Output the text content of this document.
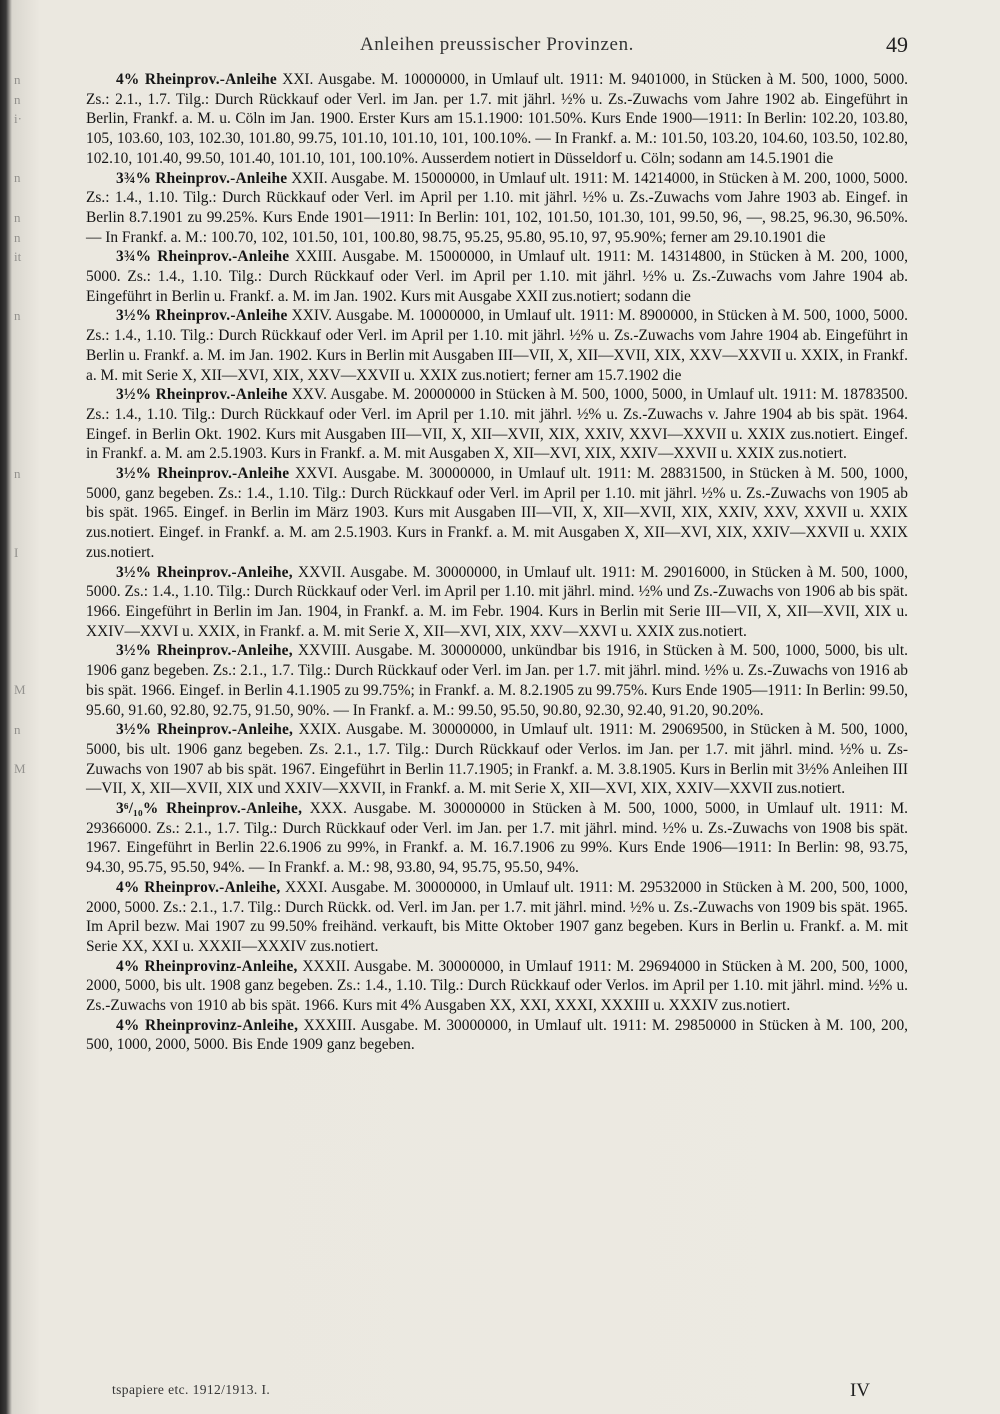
n
n
i·
n
n
n
it
n
n
I
M
n
M
Anleihen preussischer Provinzen.	49

4% Rheinprov.-Anleihe XXI. Ausgabe. M. 10000000, in Umlauf ult. 1911: M. 9401000, in Stücken à M. 500, 1000, 5000. Zs.: 2.1., 1.7. Tilg.: Durch Rückkauf oder Verl. im Jan. per 1.7. mit jährl. ½% u. Zs.-Zuwachs vom Jahre 1902 ab. Eingeführt in Berlin, Frankf. a. M. u. Cöln im Jan. 1900. Erster Kurs am 15.1.1900: 101.50%. Kurs Ende 1900—1911: In Berlin: 102.20, 103.80, 105, 103.60, 103, 102.30, 101.80, 99.75, 101.10, 101.10, 101, 100.10%. — In Frankf. a. M.: 101.50, 103.20, 104.60, 103.50, 102.80, 102.10, 101.40, 99.50, 101.40, 101.10, 101, 100.10%. Ausserdem notiert in Düsseldorf u. Cöln; sodann am 14.5.1901 die

3¾% Rheinprov.-Anleihe XXII. Ausgabe. M. 15000000, in Umlauf ult. 1911: M. 14214000, in Stücken à M. 200, 1000, 5000. Zs.: 1.4., 1.10. Tilg.: Durch Rückkauf oder Verl. im April per 1.10. mit jährl. ½% u. Zs.-Zuwachs vom Jahre 1903 ab. Eingef. in Berlin 8.7.1901 zu 99.25%. Kurs Ende 1901—1911: In Berlin: 101, 102, 101.50, 101.30, 101, 99.50, 96, —, 98.25, 96.30, 96.50%. — In Frankf. a. M.: 100.70, 102, 101.50, 101, 100.80, 98.75, 95.25, 95.80, 95.10, 97, 95.90%; ferner am 29.10.1901 die

3¾% Rheinprov.-Anleihe XXIII. Ausgabe. M. 15000000, in Umlauf ult. 1911: M. 14314800, in Stücken à M. 200, 1000, 5000. Zs.: 1.4., 1.10. Tilg.: Durch Rückkauf oder Verl. im April per 1.10. mit jährl. ½% u. Zs.-Zuwachs vom Jahre 1904 ab. Eingeführt in Berlin u. Frankf. a. M. im Jan. 1902. Kurs mit Ausgabe XXII zus.notiert; sodann die

3½% Rheinprov.-Anleihe XXIV. Ausgabe. M. 10000000, in Umlauf ult. 1911: M. 8900000, in Stücken à M. 500, 1000, 5000. Zs.: 1.4., 1.10. Tilg.: Durch Rückkauf oder Verl. im April per 1.10. mit jährl. ½% u. Zs.-Zuwachs vom Jahre 1904 ab. Eingeführt in Berlin u. Frankf. a. M. im Jan. 1902. Kurs in Berlin mit Ausgaben III—VII, X, XII—XVII, XIX, XXV—XXVII u. XXIX, in Frankf. a. M. mit Serie X, XII—XVI, XIX, XXV—XXVII u. XXIX zus.notiert; ferner am 15.7.1902 die

3½% Rheinprov.-Anleihe XXV. Ausgabe. M. 20000000 in Stücken à M. 500, 1000, 5000, in Umlauf ult. 1911: M. 18783500. Zs.: 1.4., 1.10. Tilg.: Durch Rückkauf oder Verl. im April per 1.10. mit jährl. ½% u. Zs.-Zuwachs v. Jahre 1904 ab bis spät. 1964. Eingef. in Berlin Okt. 1902. Kurs mit Ausgaben III—VII, X, XII—XVII, XIX, XXIV, XXVI—XXVII u. XXIX zus.notiert. Eingef. in Frankf. a. M. am 2.5.1903. Kurs in Frankf. a. M. mit Ausgaben X, XII—XVI, XIX, XXIV—XXVII u. XXIX zus.notiert.

3½% Rheinprov.-Anleihe XXVI. Ausgabe. M. 30000000, in Umlauf ult. 1911: M. 28831500, in Stücken à M. 500, 1000, 5000, ganz begeben. Zs.: 1.4., 1.10. Tilg.: Durch Rückkauf oder Verl. im April per 1.10. mit jährl. ½% u. Zs.-Zuwachs von 1905 ab bis spät. 1965. Eingef. in Berlin im März 1903. Kurs mit Ausgaben III—VII, X, XII—XVII, XIX, XXIV, XXV, XXVII u. XXIX zus.notiert. Eingef. in Frankf. a. M. am 2.5.1903. Kurs in Frankf. a. M. mit Ausgaben X, XII—XVI, XIX, XXIV—XXVII u. XXIX zus.notiert.

3½% Rheinprov.-Anleihe, XXVII. Ausgabe. M. 30000000, in Umlauf ult. 1911: M. 29016000, in Stücken à M. 500, 1000, 5000. Zs.: 1.4., 1.10. Tilg.: Durch Rückkauf oder Verl. im April per 1.10. mit jährl. mind. ½% und Zs.-Zuwachs von 1906 ab bis spät. 1966. Eingeführt in Berlin im Jan. 1904, in Frankf. a. M. im Febr. 1904. Kurs in Berlin mit Serie III—VII, X, XII—XVII, XIX u. XXIV—XXVI u. XXIX, in Frankf. a. M. mit Serie X, XII—XVI, XIX, XXV—XXVI u. XXIX zus.notiert.

3½% Rheinprov.-Anleihe, XXVIII. Ausgabe. M. 30000000, unkündbar bis 1916, in Stücken à M. 500, 1000, 5000, bis ult. 1906 ganz begeben. Zs.: 2.1., 1.7. Tilg.: Durch Rückkauf oder Verl. im Jan. per 1.7. mit jährl. mind. ½% u. Zs.-Zuwachs von 1916 ab bis spät. 1966. Eingef. in Berlin 4.1.1905 zu 99.75%; in Frankf. a. M. 8.2.1905 zu 99.75%. Kurs Ende 1905—1911: In Berlin: 99.50, 95.60, 91.60, 92.80, 92.75, 91.50, 90%. — In Frankf. a. M.: 99.50, 95.50, 90.80, 92.30, 92.40, 91.20, 90.20%.

3½% Rheinprov.-Anleihe, XXIX. Ausgabe. M. 30000000, in Umlauf ult. 1911: M. 29069500, in Stücken à M. 500, 1000, 5000, bis ult. 1906 ganz begeben. Zs. 2.1., 1.7. Tilg.: Durch Rückkauf oder Verlos. im Jan. per 1.7. mit jährl. mind. ½% u. Zs-Zuwachs von 1907 ab bis spät. 1967. Eingeführt in Berlin 11.7.1905; in Frankf. a. M. 3.8.1905. Kurs in Berlin mit 3½% Anleihen III—VII, X, XII—XVII, XIX und XXIV—XXVII, in Frankf. a. M. mit Serie X, XII—XVI, XIX, XXIV—XXVII zus.notiert.

3⁶/₁₀% Rheinprov.-Anleihe, XXX. Ausgabe. M. 30000000 in Stücken à M. 500, 1000, 5000, in Umlauf ult. 1911: M. 29366000. Zs.: 2.1., 1.7. Tilg.: Durch Rückkauf oder Verl. im Jan. per 1.7. mit jährl. mind. ½% u. Zs.-Zuwachs von 1908 bis spät. 1967. Eingeführt in Berlin 22.6.1906 zu 99%, in Frankf. a. M. 16.7.1906 zu 99%. Kurs Ende 1906—1911: In Berlin: 98, 93.75, 94.30, 95.75, 95.50, 94%. — In Frankf. a. M.: 98, 93.80, 94, 95.75, 95.50, 94%.

4% Rheinprov.-Anleihe, XXXI. Ausgabe. M. 30000000, in Umlauf ult. 1911: M. 29532000 in Stücken à M. 200, 500, 1000, 2000, 5000. Zs.: 2.1., 1.7. Tilg.: Durch Rückk. od. Verl. im Jan. per 1.7. mit jährl. mind. ½% u. Zs.-Zuwachs von 1909 bis spät. 1965. Im April bezw. Mai 1907 zu 99.50% freihänd. verkauft, bis Mitte Oktober 1907 ganz begeben. Kurs in Berlin u. Frankf. a. M. mit Serie XX, XXI u. XXXII—XXXIV zus.notiert.

4% Rheinprovinz-Anleihe, XXXII. Ausgabe. M. 30000000, in Umlauf 1911: M. 29694000 in Stücken à M. 200, 500, 1000, 2000, 5000, bis ult. 1908 ganz begeben. Zs.: 1.4., 1.10. Tilg.: Durch Rückkauf oder Verlos. im April per 1.10. mit jährl. mind. ½% u. Zs.-Zuwachs von 1910 ab bis spät. 1966. Kurs mit 4% Ausgaben XX, XXI, XXXI, XXXIII u. XXXIV zus.notiert.

4% Rheinprovinz-Anleihe, XXXIII. Ausgabe. M. 30000000, in Umlauf ult. 1911: M. 29850000 in Stücken à M. 100, 200, 500, 1000, 2000, 5000. Bis Ende 1909 ganz begeben.

tspapiere etc. 1912/1913. I.	IV
